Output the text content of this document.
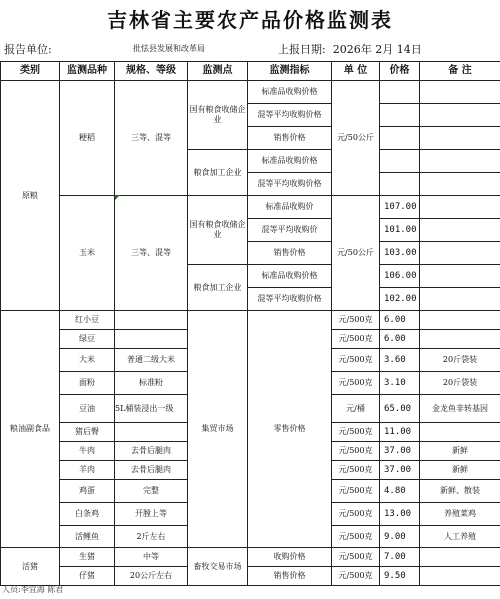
吉林省主要农产品价格监测表
报告单位:	批怯县发展和改革局	上报日期: 2026年 2月 14日
类别	监测品种	规格、等级	监测点	监测指标	单 位	价格	备 注
原粮	粳稻	三等、混等	国有粮食收储企业	标准品收购价格	元/50公斤		
				混等平均收购价格			
				销售价格			
			粮食加工企业	标准品收购价格			
				混等平均收购价格			
	玉米	三等、混等	国有粮食收储企业	标准品收购价	元/50公斤	107.00	
				混等平均收购价		101.00	
				销售价格		103.00	
			粮食加工企业	标准品收购价格		106.00	
				混等平均收购价格		102.00	
粮油副食品	红小豆		集贸市场	零售价格	元/500克	6.00	
	绿豆				元/500克	6.00	
	大米	普通二级大米			元/500克	3.60	20斤袋装
	面粉	标准粉			元/500克	3.10	20斤袋装
	豆油	5L桶装浸出一级			元/桶	65.00	金龙鱼非转基因
	猪后臀				元/500克	11.00	
	牛肉	去骨后腿肉			元/500克	37.00	新鲜
	羊肉	去骨后腿肉			元/500克	37.00	新鲜
	鸡蛋	完整			元/500克	4.80	新鲜、散装
	白条鸡	开膛上等			元/500克	13.00	养殖菜鸡
	活鲤鱼	2斤左右			元/500克	9.00	人工养殖
活猪	生猪	中等	畜牧交易市场	收购价格	元/500克	7.00	
	仔猪	20公斤左右		销售价格	元/500克	9.50	
人员:李宜海 陈君
